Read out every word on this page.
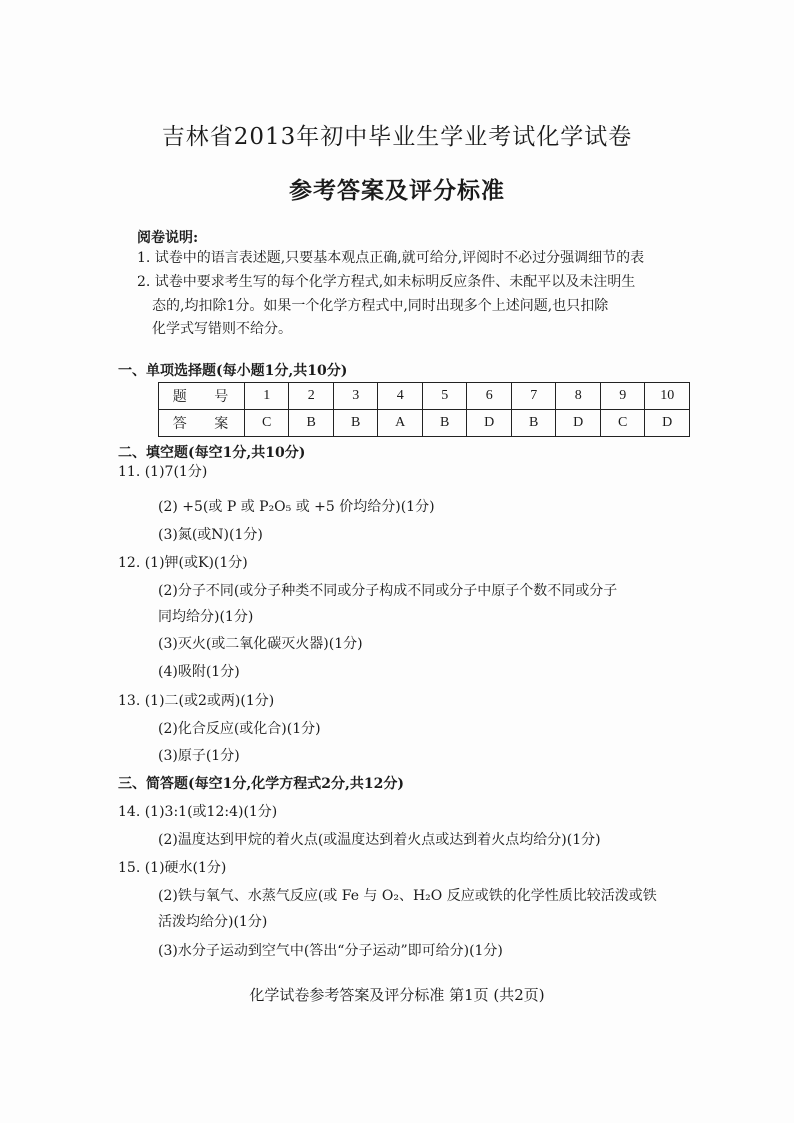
吉林省2013年初中毕业生学业考试化学试卷
参考答案及评分标准
阅卷说明:
1. 试卷中的语言表述题,只要基本观点正确,就可给分,评阅时不必过分强调细节的表
2. 试卷中要求考生写的每个化学方程式,如未标明反应条件、未配平以及未注明生
态的,均扣除1分。如果一个化学方程式中,同时出现多个上述问题,也只扣除
化学式写错则不给分。
一、单项选择题(每小题1分,共10分)
题 号	1	2	3	4	5	6	7	8	9	10
答 案	C	B	B	A	B	D	B	D	C	D
二、填空题(每空1分,共10分)
11. (1)7(1分)
(2) +5(或 P 或 P₂O₅ 或 +5 价均给分)(1分)
(3)氮(或N)(1分)
12. (1)钾(或K)(1分)
(2)分子不同(或分子种类不同或分子构成不同或分子中原子个数不同或分子
同均给分)(1分)
(3)灭火(或二氧化碳灭火器)(1分)
(4)吸附(1分)
13. (1)二(或2或两)(1分)
(2)化合反应(或化合)(1分)
(3)原子(1分)
三、简答题(每空1分,化学方程式2分,共12分)
14. (1)3:1(或12:4)(1分)
(2)温度达到甲烷的着火点(或温度达到着火点或达到着火点均给分)(1分)
15. (1)硬水(1分)
(2)铁与氧气、水蒸气反应(或 Fe 与 O₂、H₂O 反应或铁的化学性质比较活泼或铁
活泼均给分)(1分)
(3)水分子运动到空气中(答出“分子运动”即可给分)(1分)
化学试卷参考答案及评分标准 第1页 (共2页)
